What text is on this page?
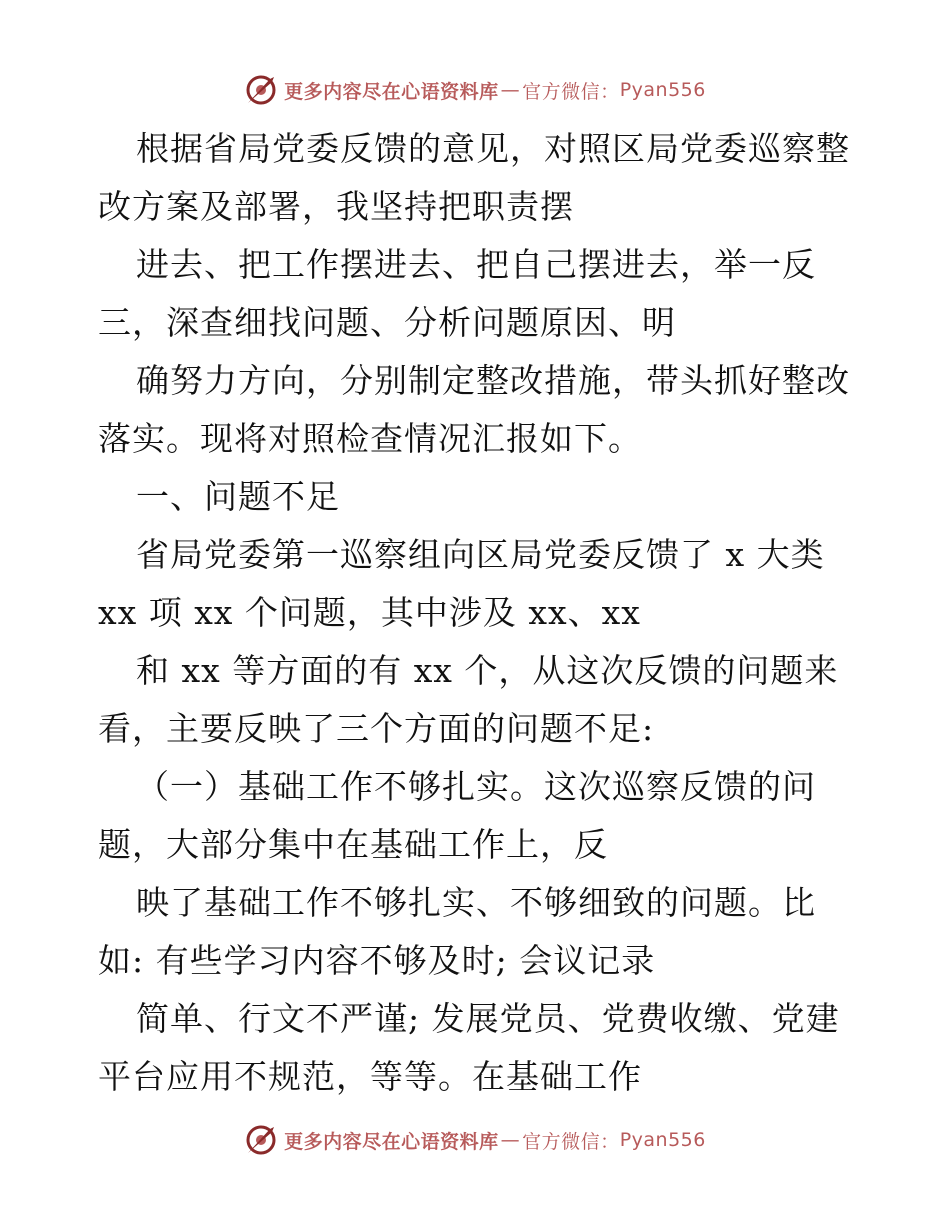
更多内容尽在心语资料库 — 官方微信： Pyan556
根据省局党委反馈的意见，对照区局党委巡察整
改方案及部署，我坚持把职责摆
进去、把工作摆进去、把自己摆进去，举一反
三，深查细找问题、分析问题原因、明
确努力方向，分别制定整改措施，带头抓好整改
落实。现将对照检查情况汇报如下。
一、问题不足
省局党委第一巡察组向区局党委反馈了 x 大类
xx 项 xx 个问题，其中涉及 xx、xx
和 xx 等方面的有 xx 个，从这次反馈的问题来
看，主要反映了三个方面的问题不足:
（一）基础工作不够扎实。这次巡察反馈的问
题，大部分集中在基础工作上，反
映了基础工作不够扎实、不够细致的问题。比
如: 有些学习内容不够及时; 会议记录
简单、行文不严谨; 发展党员、党费收缴、党建
平台应用不规范，等等。在基础工作
更多内容尽在心语资料库 — 官方微信： Pyan556
